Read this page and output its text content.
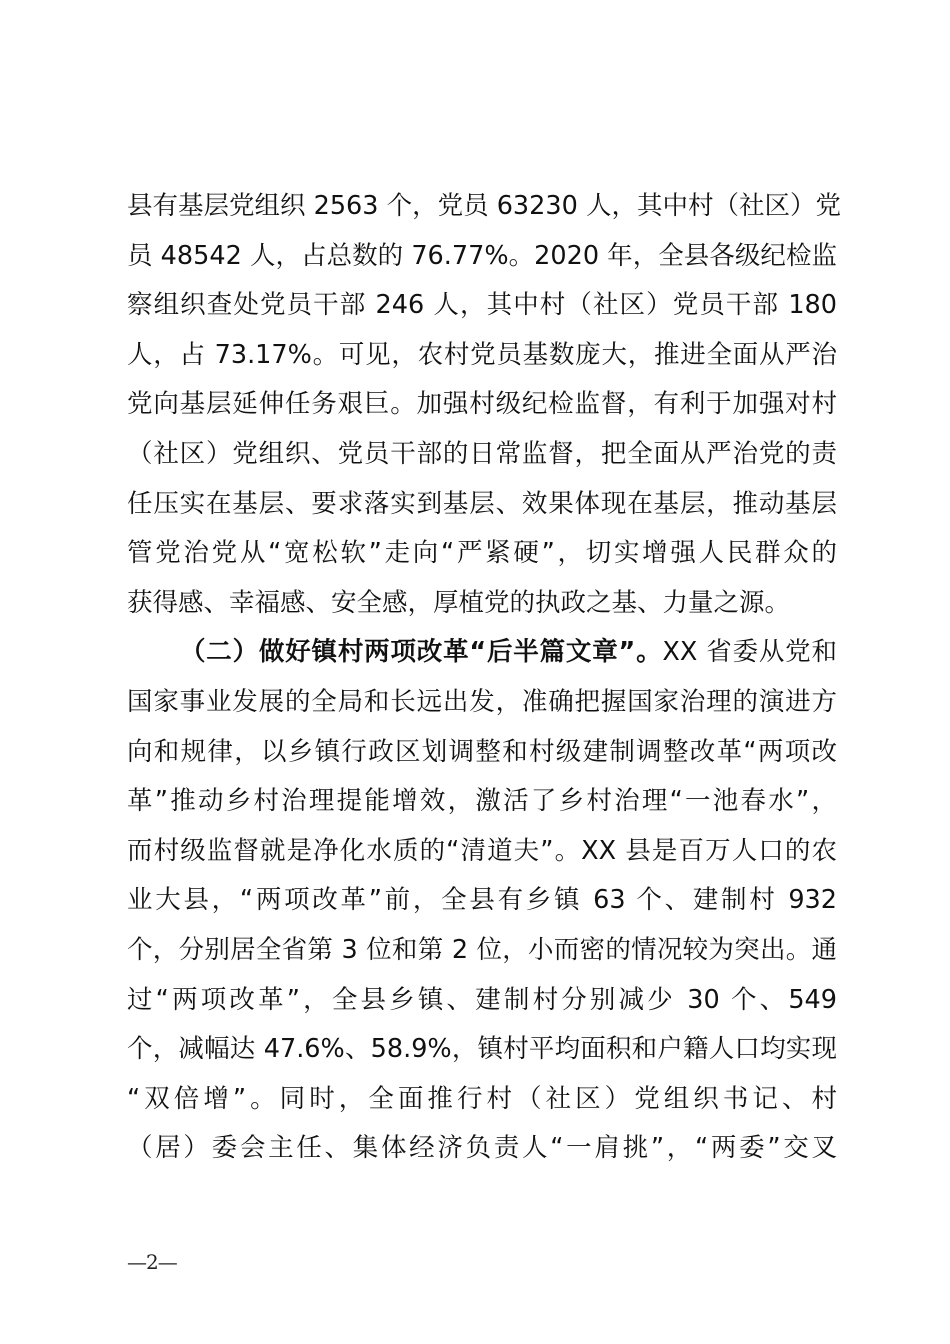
县有基层党组织 2563 个，党员 63230 人，其中村（社区）党
员 48542 人，占总数的 76.77%。2020 年，全县各级纪检监
察组织查处党员干部 246 人，其中村（社区）党员干部 180
人，占 73.17%。可见，农村党员基数庞大，推进全面从严治
党向基层延伸任务艰巨。加强村级纪检监督，有利于加强对村
（社区）党组织、党员干部的日常监督，把全面从严治党的责
任压实在基层、要求落实到基层、效果体现在基层，推动基层
管党治党从“宽松软”走向“严紧硬”，切实增强人民群众的
获得感、幸福感、安全感，厚植党的执政之基、力量之源。
（二）做好镇村两项改革“后半篇文章”。XX 省委从党和
国家事业发展的全局和长远出发，准确把握国家治理的演进方
向和规律，以乡镇行政区划调整和村级建制调整改革“两项改
革”推动乡村治理提能增效，激活了乡村治理“一池春水”，
而村级监督就是净化水质的“清道夫”。XX 县是百万人口的农
业大县，“两项改革”前，全县有乡镇 63 个、建制村 932
个，分别居全省第 3 位和第 2 位，小而密的情况较为突出。通
过“两项改革”，全县乡镇、建制村分别减少 30 个、549
个，减幅达 47.6%、58.9%，镇村平均面积和户籍人口均实现
“双倍增”。同时，全面推行村（社区）党组织书记、村
（居）委会主任、集体经济负责人“一肩挑”，“两委”交叉
—2—
